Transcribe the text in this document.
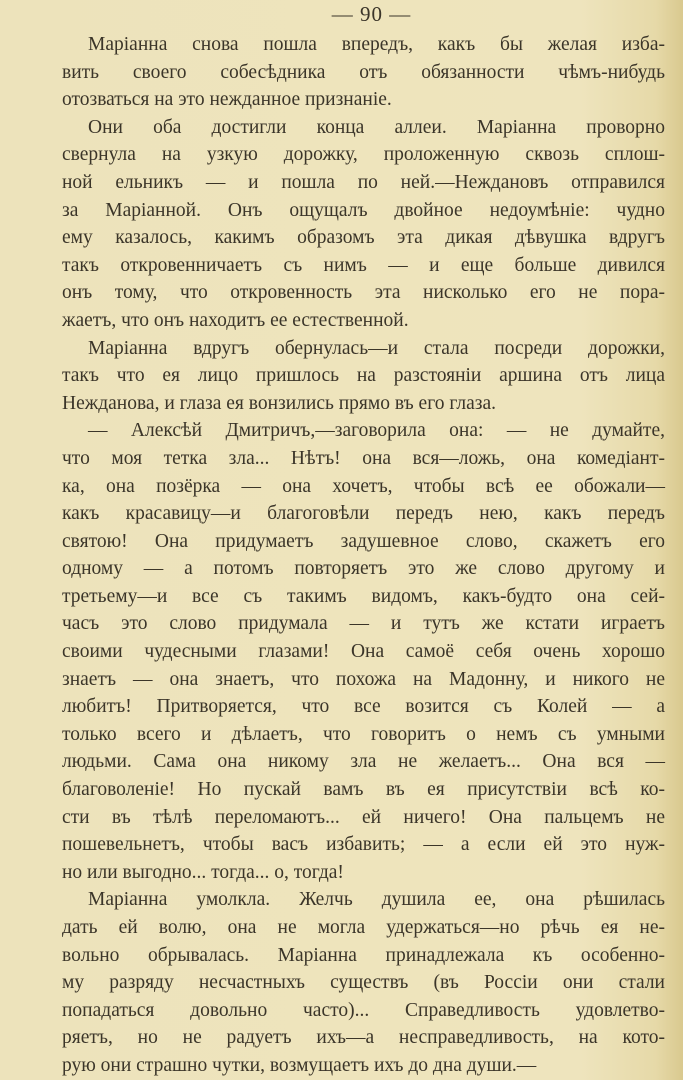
— 90 —
Маріанна снова пошла впередъ, какъ бы желая изба-
вить своего собесѣдника отъ обязанности чѣмъ-нибудь
отозваться на это нежданное признаніе.
Они оба достигли конца аллеи. Маріанна проворно
свернула на узкую дорожку, проложенную сквозь сплош-
ной ельникъ — и пошла по ней.—Неждановъ отправился
за Маріанной. Онъ ощущалъ двойное недоумѣніе: чудно
ему казалось, какимъ образомъ эта дикая дѣвушка вдругъ
такъ откровенничаетъ съ нимъ — и еще больше дивился
онъ тому, что откровенность эта нисколько его не пора-
жаетъ, что онъ находитъ ее естественной.
Маріанна вдругъ обернулась—и стала посреди дорожки,
такъ что ея лицо пришлось на разстояніи аршина отъ лица
Нежданова, и глаза ея вонзились прямо въ его глаза.
— Алексѣй Дмитричъ,—заговорила она: — не думайте,
что моя тетка зла... Нѣтъ! она вся—ложь, она комедіант-
ка, она позёрка — она хочетъ, чтобы всѣ ее обожали—
какъ красавицу—и благоговѣли передъ нею, какъ передъ
святою! Она придумаетъ задушевное слово, скажетъ его
одному — а потомъ повторяетъ это же слово другому и
третьему—и все съ такимъ видомъ, какъ-будто она сей-
часъ это слово придумала — и тутъ же кстати играетъ
своими чудесными глазами! Она самоё себя очень хорошо
знаетъ — она знаетъ, что похожа на Мадонну, и никого не
любитъ! Притворяется, что все возится съ Колей — а
только всего и дѣлаетъ, что говоритъ о немъ съ умными
людьми. Сама она никому зла не желаетъ... Она вся —
благоволеніе! Но пускай вамъ въ ея присутствіи всѣ ко-
сти въ тѣлѣ переломаютъ... ей ничего! Она пальцемъ не
пошевельнетъ, чтобы васъ избавить; — а если ей это нуж-
но или выгодно... тогда... о, тогда!
Маріанна умолкла. Желчь душила ее, она рѣшилась
дать ей волю, она не могла удержаться—но рѣчь ея не-
вольно обрывалась. Маріанна принадлежала къ особенно-
му разряду несчастныхъ существъ (въ Россіи они стали
попадаться довольно часто)... Справедливость удовлетво-
ряетъ, но не радуетъ ихъ—а несправедливость, на кото-
рую они страшно чутки, возмущаетъ ихъ до дна души.—
